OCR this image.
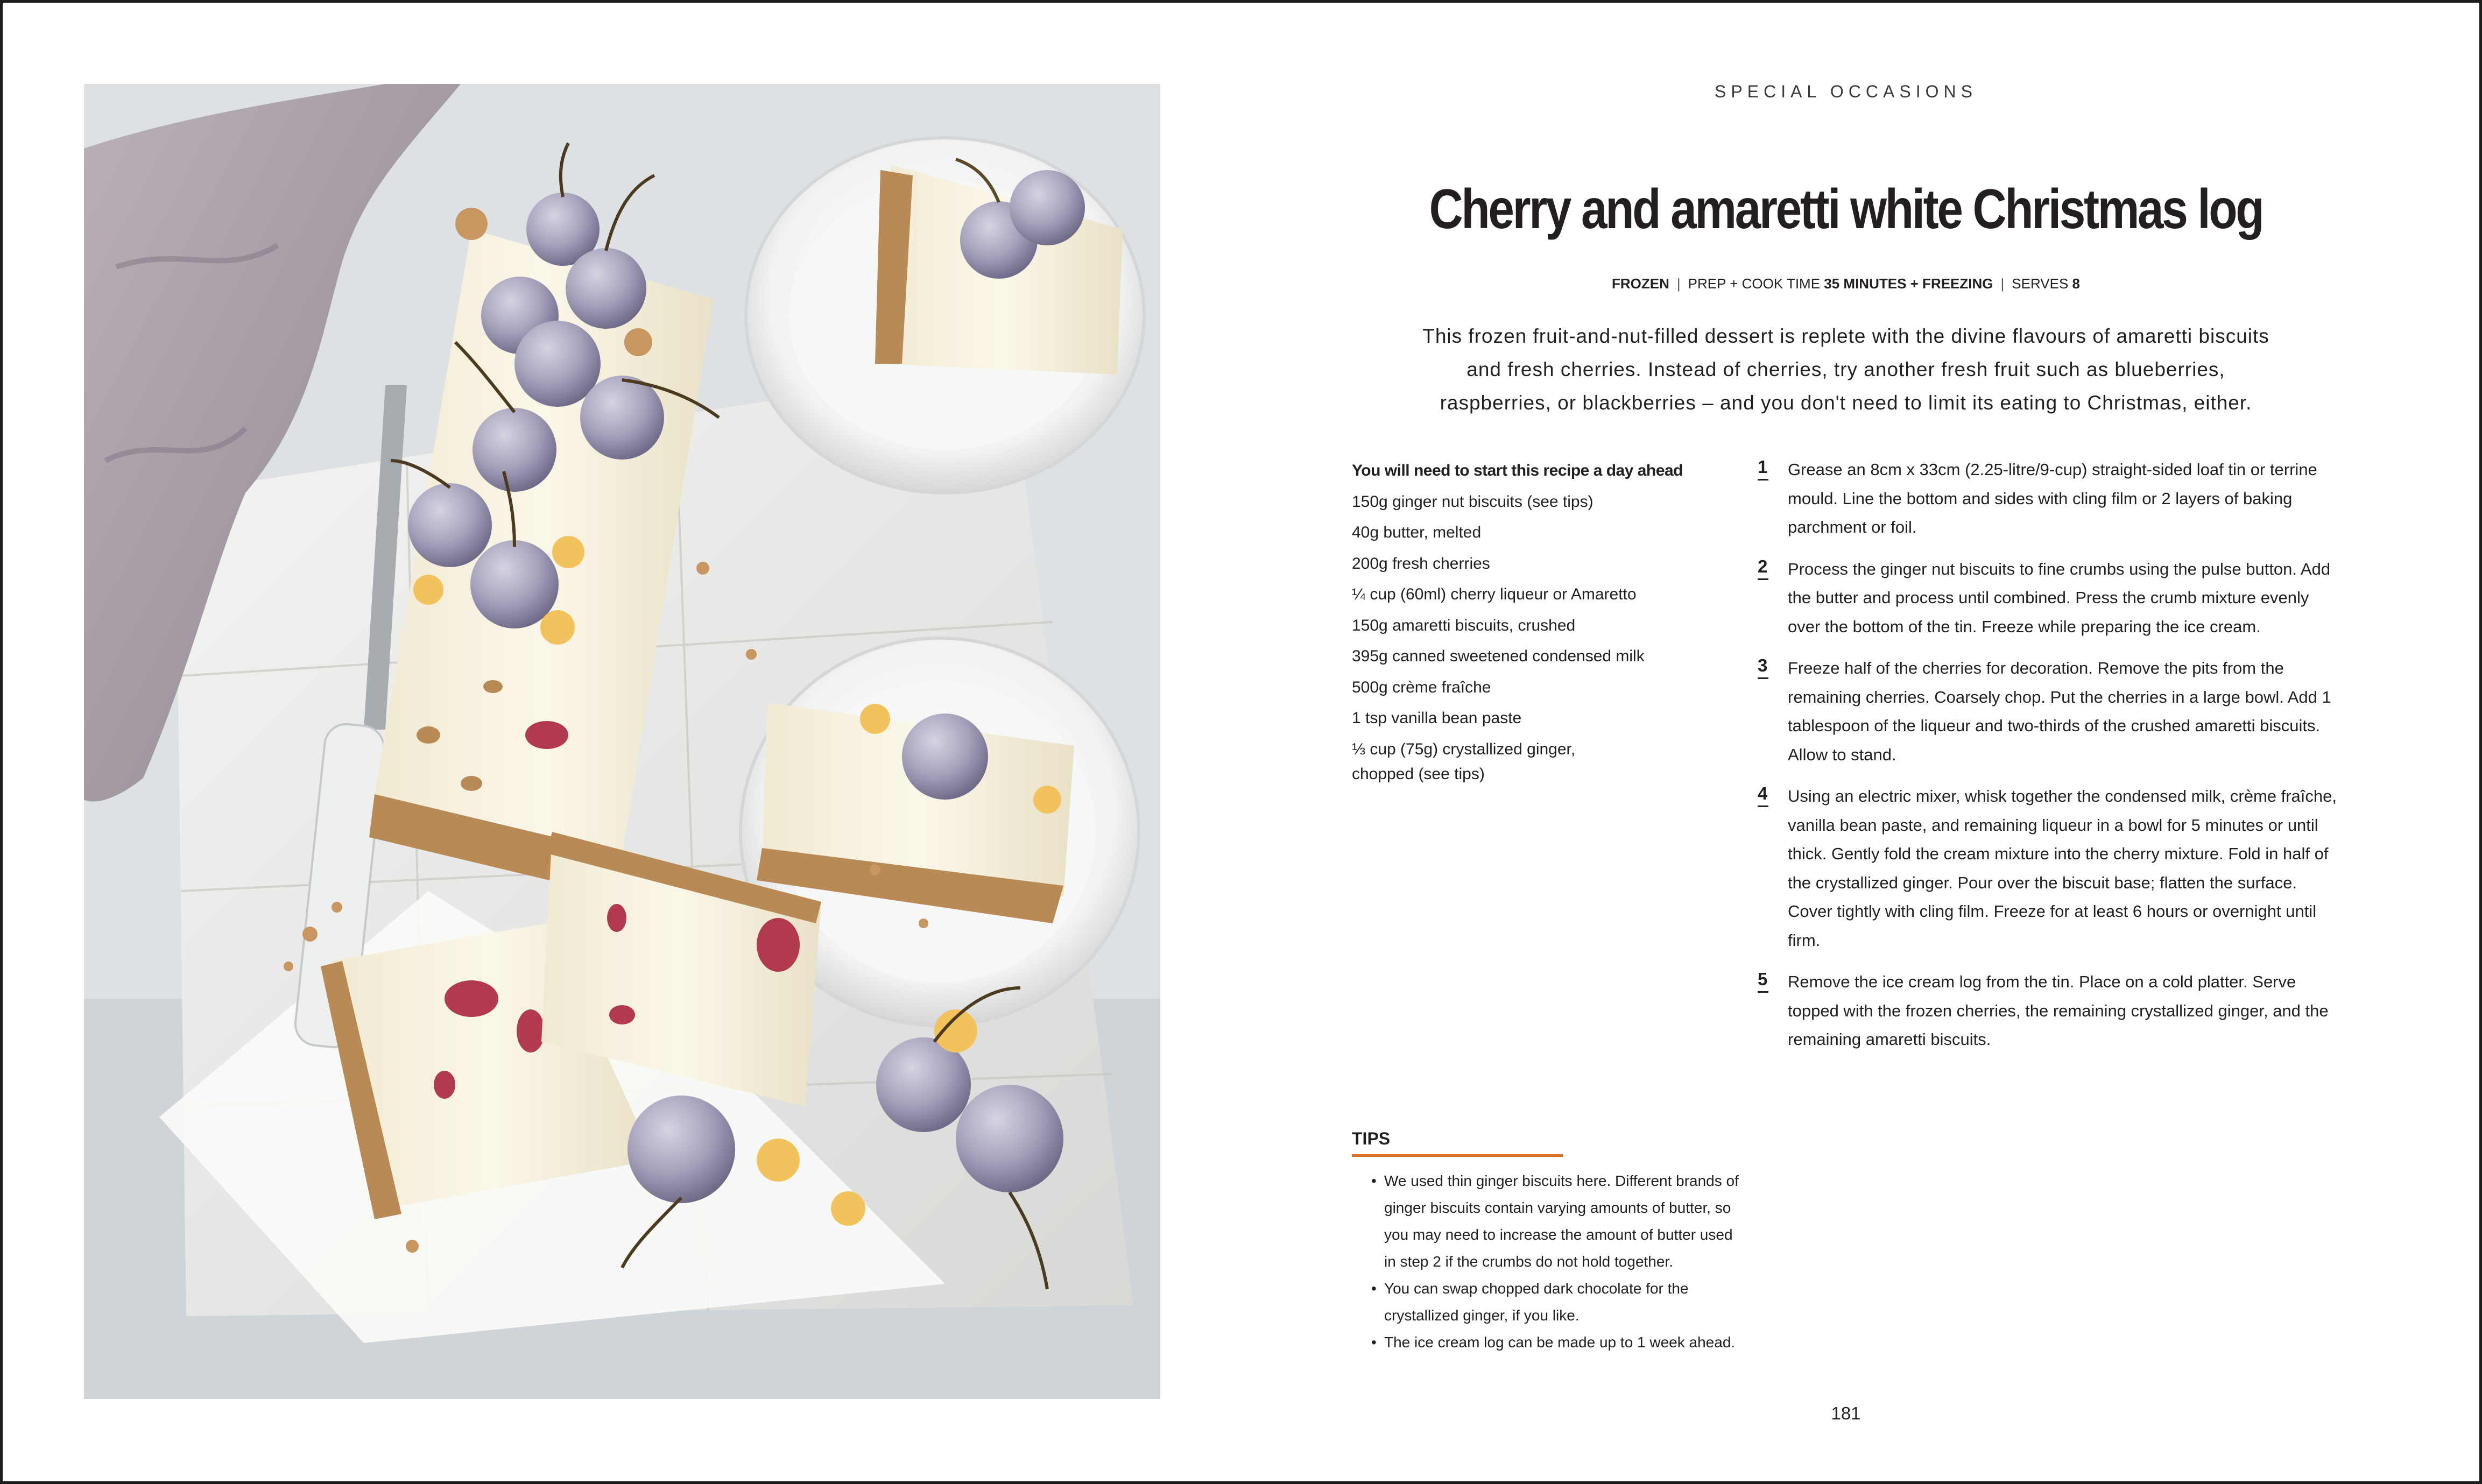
SPECIAL OCCASIONS
Cherry and amaretti white Christmas log
FROZEN | PREP + COOK TIME 35 MINUTES + FREEZING | SERVES 8

This frozen fruit-and-nut-filled dessert is replete with the divine flavours of amaretti biscuits and fresh cherries. Instead of cherries, try another fresh fruit such as blueberries, raspberries, or blackberries – and you don't need to limit its eating to Christmas, either.

You will need to start this recipe a day ahead
150g ginger nut biscuits (see tips)
40g butter, melted
200g fresh cherries
¼ cup (60ml) cherry liqueur or Amaretto
150g amaretti biscuits, crushed
395g canned sweetened condensed milk
500g crème fraîche
1 tsp vanilla bean paste
⅓ cup (75g) crystallized ginger, chopped (see tips)
1 Grease an 8cm x 33cm (2.25-litre/9-cup) straight-sided loaf tin or terrine mould. Line the bottom and sides with cling film or 2 layers of baking parchment or foil.
2 Process the ginger nut biscuits to fine crumbs using the pulse button. Add the butter and process until combined. Press the crumb mixture evenly over the bottom of the tin. Freeze while preparing the ice cream.
3 Freeze half of the cherries for decoration. Remove the pits from the remaining cherries. Coarsely chop. Put the cherries in a large bowl. Add 1 tablespoon of the liqueur and two-thirds of the crushed amaretti biscuits. Allow to stand.
4 Using an electric mixer, whisk together the condensed milk, crème fraîche, vanilla bean paste, and remaining liqueur in a bowl for 5 minutes or until thick. Gently fold the cream mixture into the cherry mixture. Fold in half of the crystallized ginger. Pour over the biscuit base; flatten the surface. Cover tightly with cling film. Freeze for at least 6 hours or overnight until firm.
5 Remove the ice cream log from the tin. Place on a cold platter. Serve topped with the frozen cherries, the remaining crystallized ginger, and the remaining amaretti biscuits.
TIPS
• We used thin ginger biscuits here. Different brands of ginger biscuits contain varying amounts of butter, so you may need to increase the amount of butter used in step 2 if the crumbs do not hold together.
• You can swap chopped dark chocolate for the crystallized ginger, if you like.
• The ice cream log can be made up to 1 week ahead.
181
